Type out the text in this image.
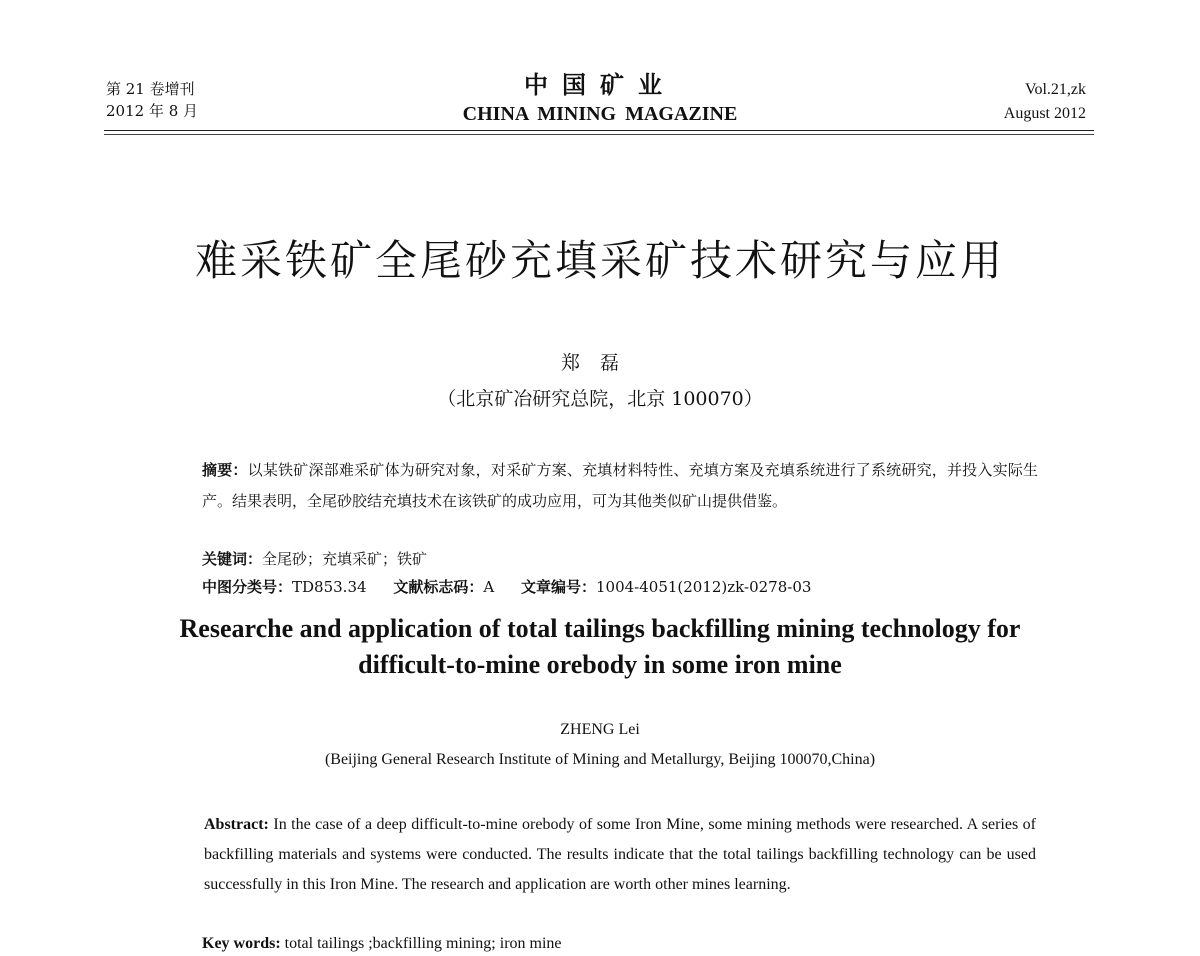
第 21 卷增刊
2012 年 8 月
中国矿业
CHINA MINING MAGAZINE
Vol.21,zk
August 2012
难采铁矿全尾砂充填采矿技术研究与应用
郑磊
（北京矿冶研究总院，北京 100070）

摘要：以某铁矿深部难采矿体为研究对象，对采矿方案、充填材料特性、充填方案及充填系统进行了系统研究，并投入实际生产。结果表明，全尾砂胶结充填技术在该铁矿的成功应用，可为其他类似矿山提供借鉴。

关键词：全尾砂；充填采矿；铁矿
中图分类号：TD853.34 文献标志码：A 文章编号：1004-4051(2012)zk-0278-03
Researche and application of total tailings backfilling mining technology for
difficult-to-mine orebody in some iron mine
ZHENG Lei
(Beijing General Research Institute of Mining and Metallurgy, Beijing 100070,China)

Abstract: In the case of a deep difficult-to-mine orebody of some Iron Mine, some mining methods were researched. A series of backfilling materials and systems were conducted. The results indicate that the total tailings backfilling technology can be used successfully in this Iron Mine. The research and application are worth other mines learning.

Key words: total tailings ;backfilling mining; iron mine
